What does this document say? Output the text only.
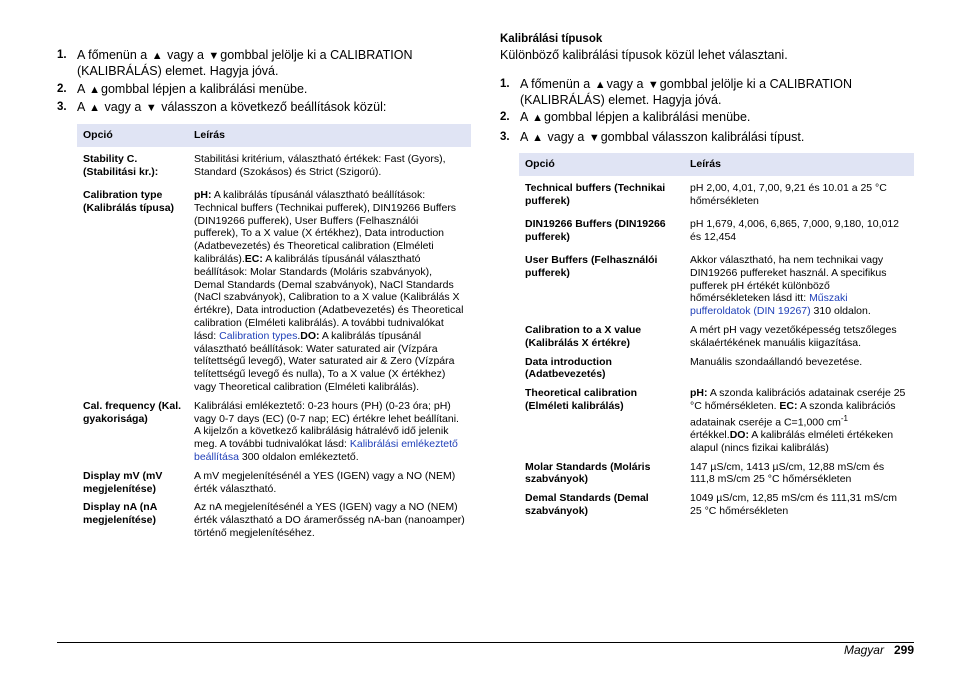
1. A főmenün a ▲ vagy a ▼gombbal jelölje ki a CALIBRATION
(KALIBRÁLÁS) elemet. Hagyja jóvá.
2. A ▲gombbal lépjen a kalibrálási menübe.
3. A ▲ vagy a ▼ válasszon a következő beállítások közül:
Opció	Leírás
Stability C. (Stabilitási kr.):	Stabilitási kritérium, választható értékek: Fast (Gyors), Standard (Szokásos) és Strict (Szigorú).
Calibration type (Kalibrálás típusa)	pH: A kalibrálás típusánál választható beállítások: Technical buffers (Technikai pufferek), DIN19266 Buffers (DIN19266 pufferek), User Buffers (Felhasználói pufferek), To a X value (X értékhez), Data introduction (Adatbevezetés) és Theoretical calibration (Elméleti kalibrálás).EC: A kalibrálás típusánál választható beállítások: Molar Standards (Moláris szabványok), Demal Standards (Demal szabványok), NaCl Standards (NaCl szabványok), Calibration to a X value (Kalibrálás X értékre), Data introduction (Adatbevezetés) és Theoretical calibration (Elméleti kalibrálás). A további tudnivalókat lásd: Calibration types.DO: A kalibrálás típusánál választható beállítások: Water saturated air (Vízpára telítettségű levegő), Water saturated air & Zero (Vízpára telítettségű levegő és nulla), To a X value (X értékhez) vagy Theoretical calibration (Elméleti kalibrálás).
Cal. frequency (Kal. gyakorisága)	Kalibrálási emlékeztető: 0-23 hours (PH) (0-23 óra; pH) vagy 0-7 days (EC) (0-7 nap; EC) értékre lehet beállítani. A kijelzőn a következő kalibrálásig hátralévő idő jelenik meg. A további tudnivalókat lásd: Kalibrálási emlékeztető beállítása 300 oldalon emlékeztető.
Display mV (mV megjelenítése)	A mV megjelenítésénél a YES (IGEN) vagy a NO (NEM) érték választható.
Display nA (nA megjelenítése)	Az nA megjelenítésénél a YES (IGEN) vagy a NO (NEM) érték választható a DO áramerősség nA-ban (nanoamper) történő megjelenítéséhez.
Kalibrálási típusok
Különböző kalibrálási típusok közül lehet választani.
1. A főmenün a ▲vagy a ▼gombbal jelölje ki a CALIBRATION
(KALIBRÁLÁS) elemet. Hagyja jóvá.
2. A ▲gombbal lépjen a kalibrálási menübe.
3. A ▲ vagy a ▼gombbal válasszon kalibrálási típust.
Opció	Leírás
Technical buffers (Technikai pufferek)	pH 2,00, 4,01, 7,00, 9,21 és 10.01 a 25 °C hőmérsékleten
DIN19266 Buffers (DIN19266 pufferek)	pH 1,679, 4,006, 6,865, 7,000, 9,180, 10,012 és 12,454
User Buffers (Felhasználói pufferek)	Akkor választható, ha nem technikai vagy DIN19266 puffereket használ. A specifikus pufferek pH értékét különböző hőmérsékleteken lásd itt: Műszaki pufferoldatok (DIN 19267) 310 oldalon.
Calibration to a X value (Kalibrálás X értékre)	A mért pH vagy vezetőképesség tetszőleges skálaértékének manuális kiigazítása.
Data introduction (Adatbevezetés)	Manuális szondaállandó bevezetése.
Theoretical calibration (Elméleti kalibrálás)	pH: A szonda kalibrációs adatainak cseréje 25 °C hőmérsékleten. EC: A szonda kalibrációs adatainak cseréje a C=1,000 $cm^{-1}$ értékkel.DO: A kalibrálás elméleti értékeken alapul (nincs fizikai kalibrálás)
Molar Standards (Moláris szabványok)	147 µS/cm, 1413 µS/cm, 12,88 mS/cm és 111,8 mS/cm 25 °C hőmérsékleten
Demal Standards (Demal szabványok)	1049 µS/cm, 12,85 mS/cm és 111,31 mS/cm 25 °C hőmérsékleten
Magyar 299
